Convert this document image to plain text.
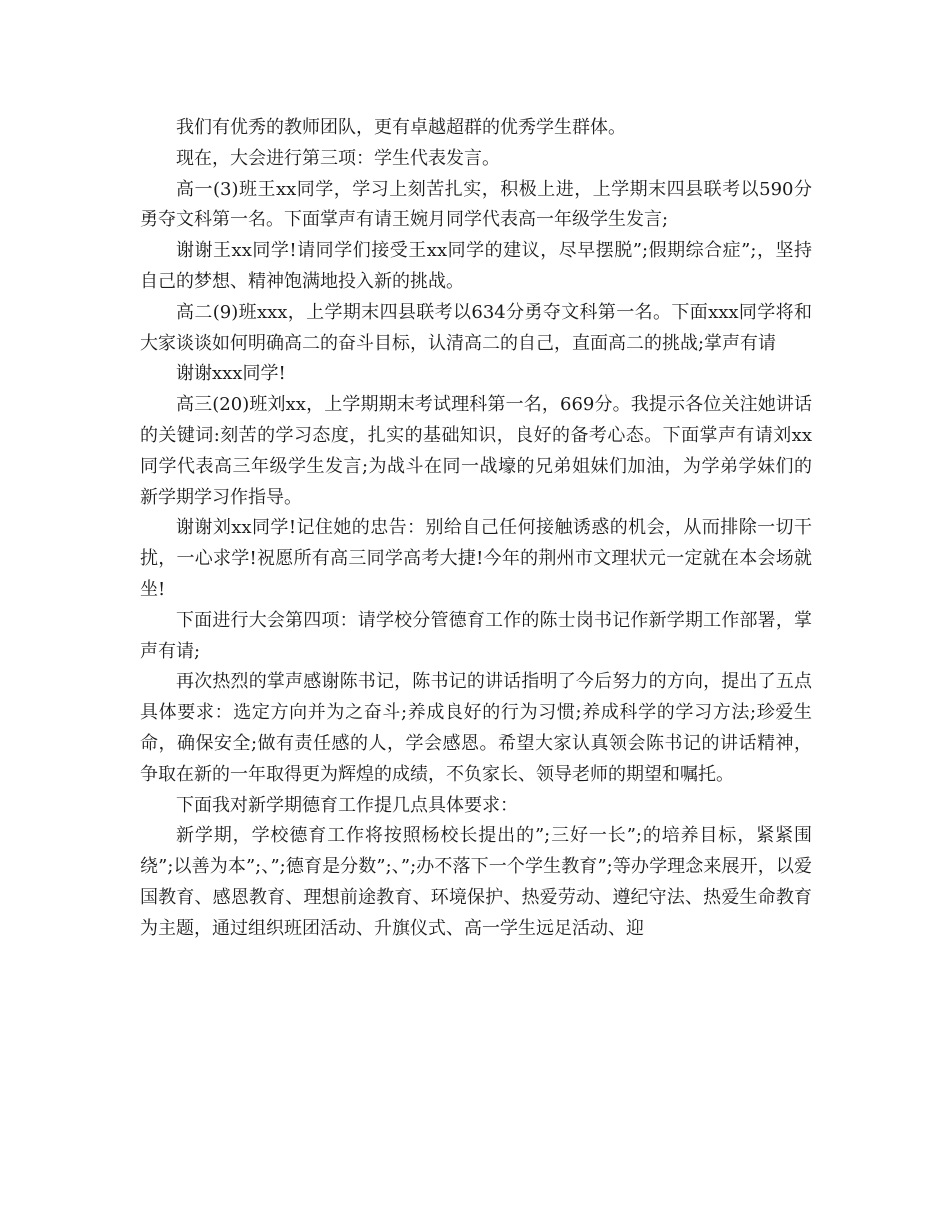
我们有优秀的教师团队，更有卓越超群的优秀学生群体。

现在，大会进行第三项：学生代表发言。

高一(3)班王xx同学，学习上刻苦扎实，积极上进，上学期末四县联考以590分勇夺文科第一名。下面掌声有请王婉月同学代表高一年级学生发言;

谢谢王xx同学!请同学们接受王xx同学的建议，尽早摆脱”;假期综合症”;，坚持自己的梦想、精神饱满地投入新的挑战。

高二(9)班xxx，上学期末四县联考以634分勇夺文科第一名。下面xxx同学将和大家谈谈如何明确高二的奋斗目标，认清高二的自己，直面高二的挑战;掌声有请

谢谢xxx同学!

高三(20)班刘xx，上学期期末考试理科第一名，669分。我提示各位关注她讲话的关键词:刻苦的学习态度，扎实的基础知识，良好的备考心态。下面掌声有请刘xx同学代表高三年级学生发言;为战斗在同一战壕的兄弟姐妹们加油，为学弟学妹们的新学期学习作指导。

谢谢刘xx同学!记住她的忠告：别给自己任何接触诱惑的机会，从而排除一切干扰，一心求学!祝愿所有高三同学高考大捷!今年的荆州市文理状元一定就在本会场就坐!

下面进行大会第四项：请学校分管德育工作的陈士岗书记作新学期工作部署，掌声有请;

再次热烈的掌声感谢陈书记，陈书记的讲话指明了今后努力的方向，提出了五点具体要求：选定方向并为之奋斗;养成良好的行为习惯;养成科学的学习方法;珍爱生命，确保安全;做有责任感的人，学会感恩。希望大家认真领会陈书记的讲话精神，争取在新的一年取得更为辉煌的成绩，不负家长、领导老师的期望和嘱托。

下面我对新学期德育工作提几点具体要求：

新学期，学校德育工作将按照杨校长提出的”;三好一长”;的培养目标，紧紧围绕”;以善为本”;、”;德育是分数”;、”;办不落下一个学生教育”;等办学理念来展开，以爱国教育、感恩教育、理想前途教育、环境保护、热爱劳动、遵纪守法、热爱生命教育为主题，通过组织班团活动、升旗仪式、高一学生远足活动、迎
